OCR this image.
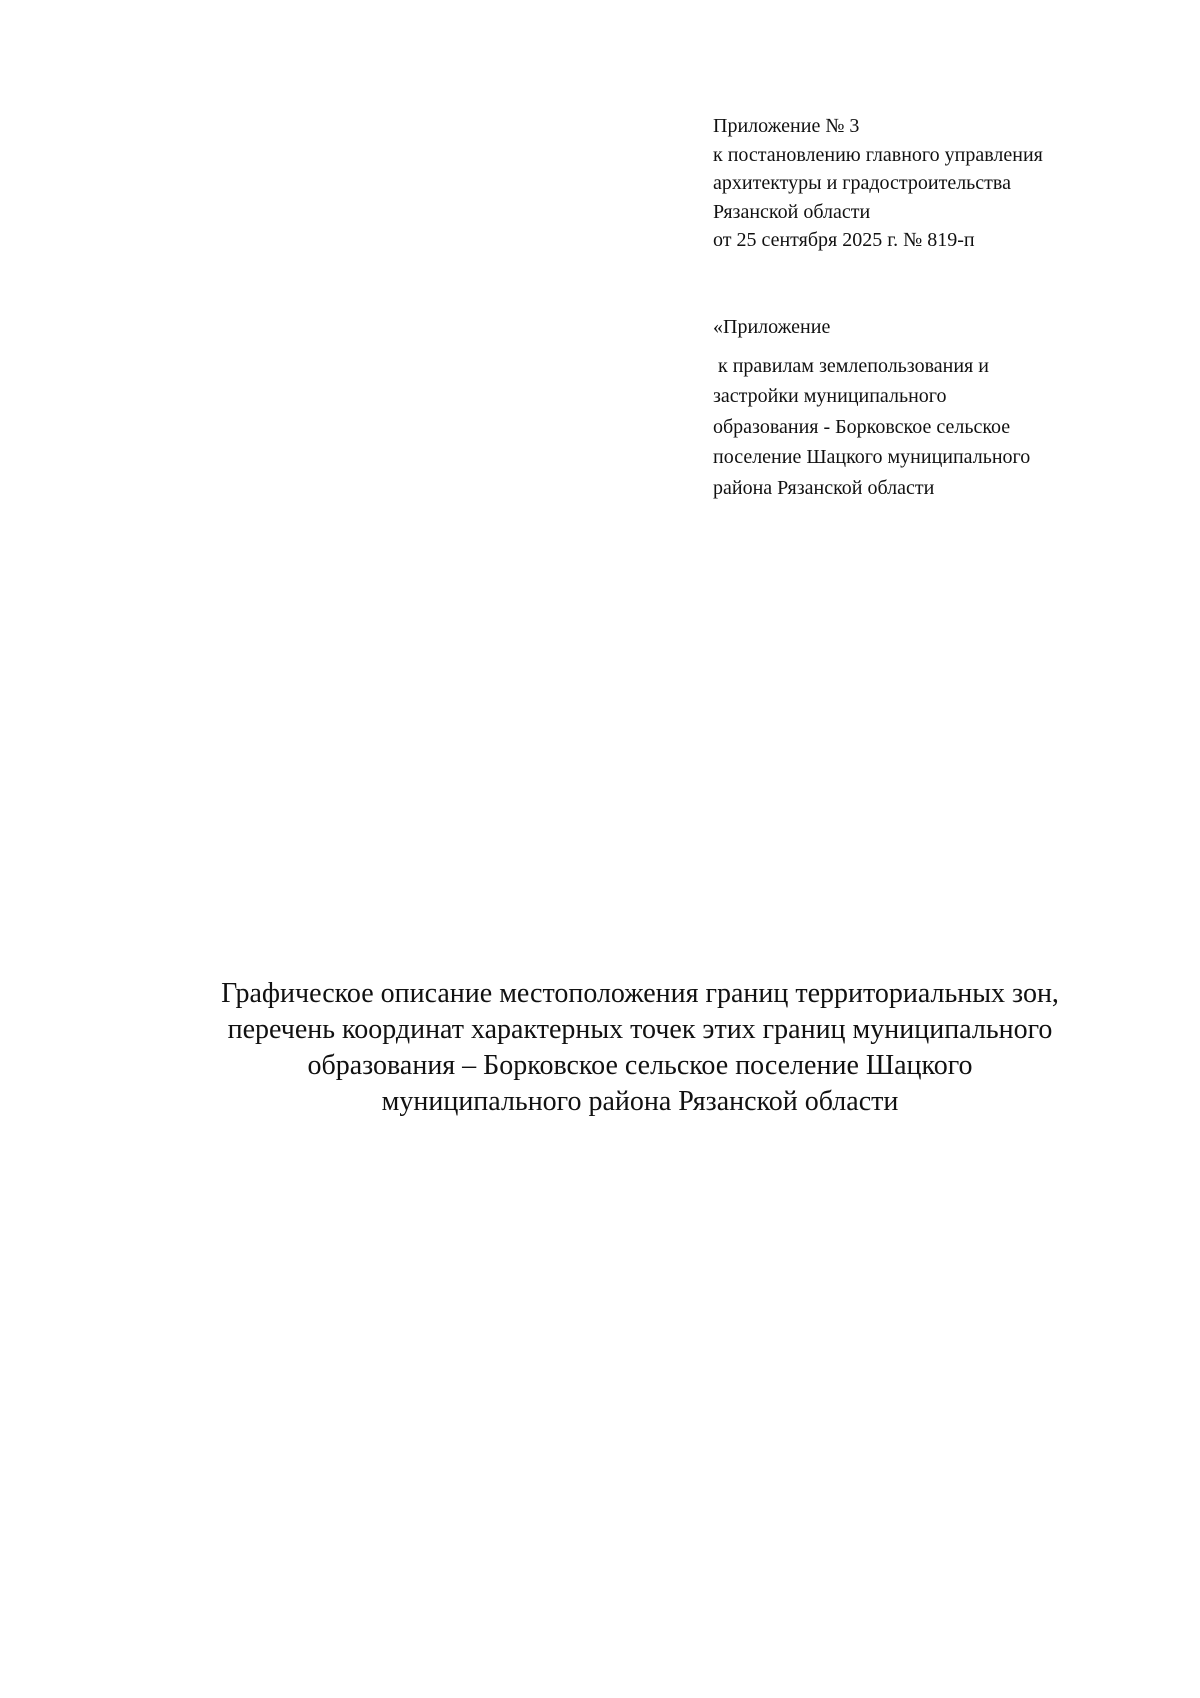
Приложение № 3
к постановлению главного управления
архитектуры и градостроительства
Рязанской области
от 25 сентября 2025 г. № 819-п
«Приложение
к правилам землепользования и
застройки муниципального
образования - Борковское сельское
поселение Шацкого муниципального
района Рязанской области
Графическое описание местоположения границ территориальных зон,
перечень координат характерных точек этих границ муниципального
образования – Борковское сельское поселение Шацкого
муниципального района Рязанской области
